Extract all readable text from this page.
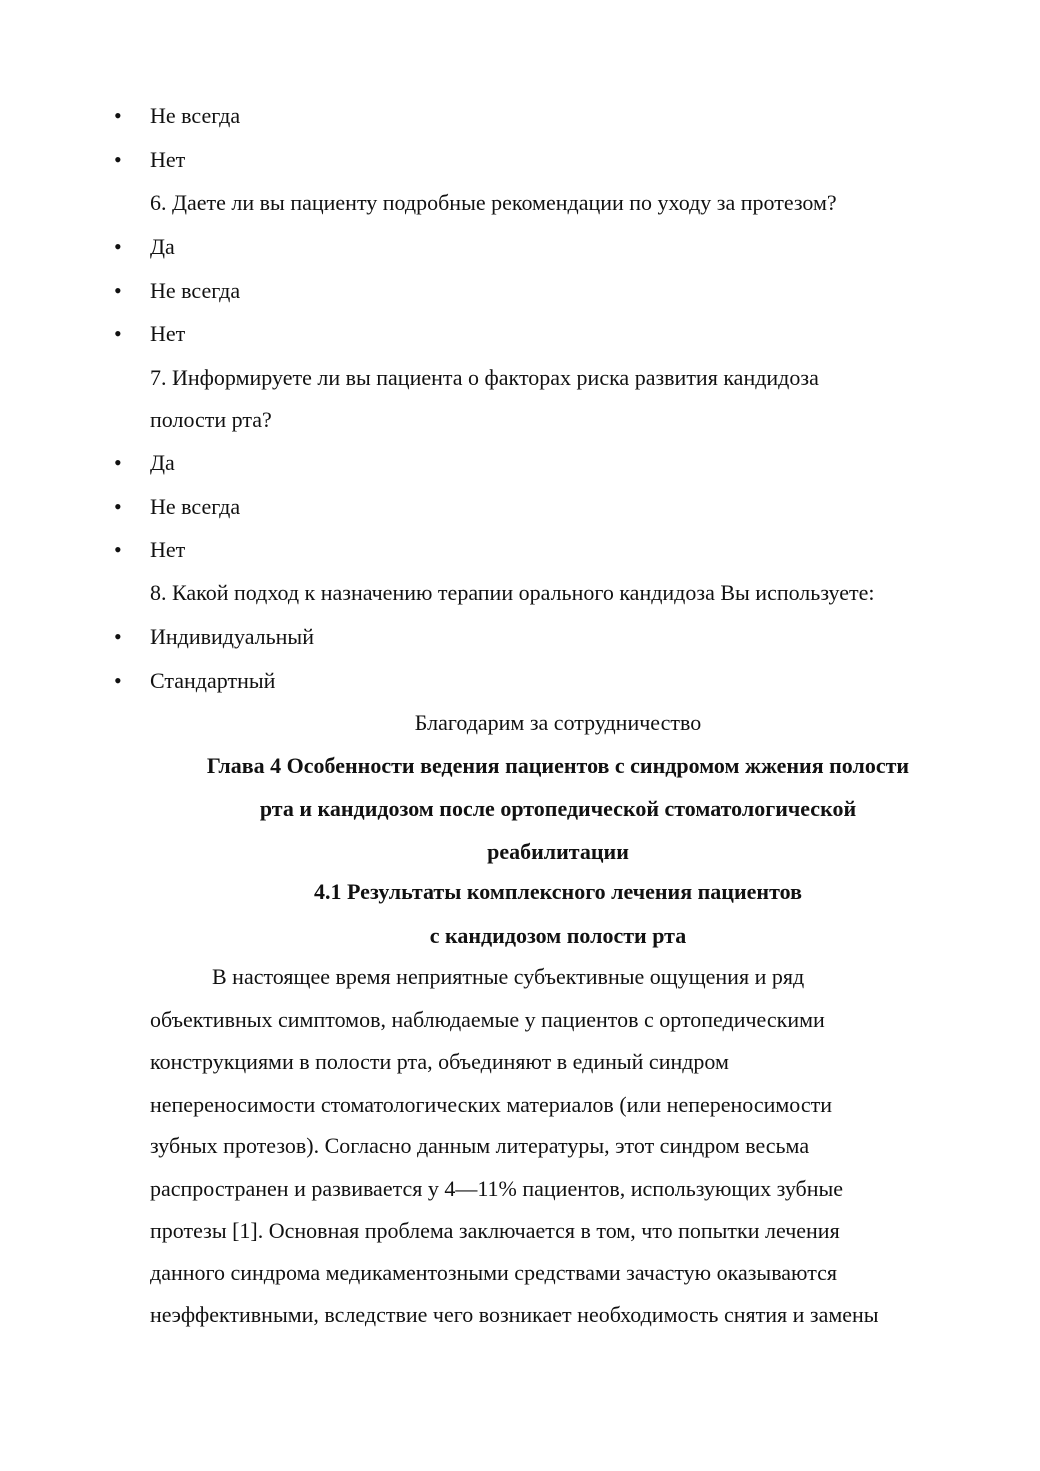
• Не всегда
• Нет
6. Даете ли вы пациенту подробные рекомендации по уходу за протезом?
• Да
• Не всегда
• Нет
7. Информируете ли вы пациента о факторах риска развития кандидоза
полости рта?
• Да
• Не всегда
• Нет
8. Какой подход к назначению терапии орального кандидоза Вы используете:
• Индивидуальный
• Стандартный
Благодарим за сотрудничество
Глава 4 Особенности ведения пациентов с синдромом жжения полости
рта и кандидозом после ортопедической стоматологической
реабилитации
4.1 Результаты комплексного лечения пациентов
с кандидозом полости рта
В настоящее время неприятные субъективные ощущения и ряд
объективных симптомов, наблюдаемые у пациентов с ортопедическими
конструкциями в полости рта, объединяют в единый синдром
непереносимости стоматологических материалов (или непереносимости
зубных протезов). Согласно данным литературы, этот синдром весьма
распространен и развивается у 4—11% пациентов, использующих зубные
протезы [1]. Основная проблема заключается в том, что попытки лечения
данного синдрома медикаментозными средствами зачастую оказываются
неэффективными, вследствие чего возникает необходимость снятия и замены
